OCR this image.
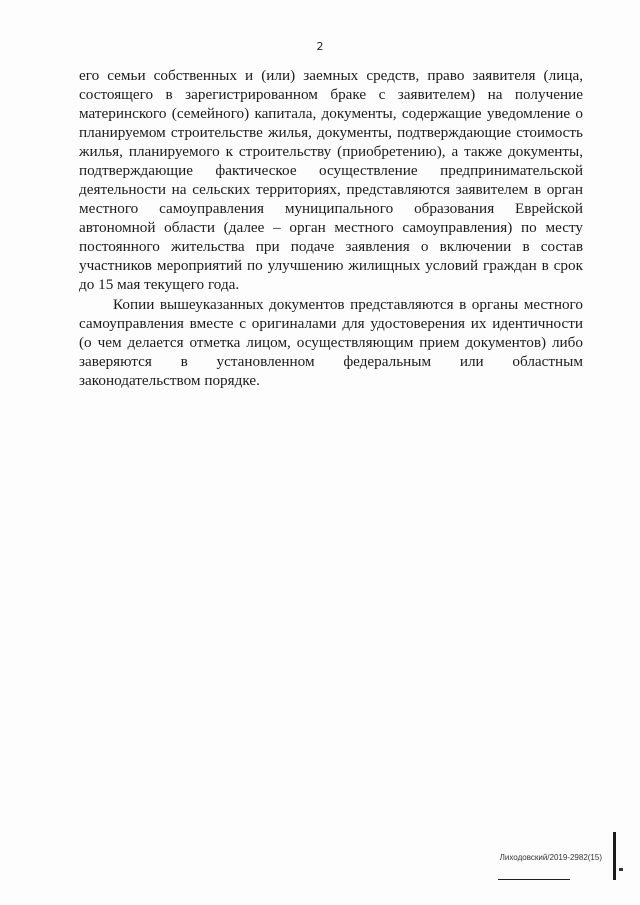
2

его семьи собственных и (или) заемных средств, право заявителя (лица, состоящего в зарегистрированном браке с заявителем) на получение материнского (семейного) капитала, документы, содержащие уведомление о планируемом строительстве жилья, документы, подтверждающие стоимость жилья, планируемого к строительству (приобретению), а также документы, подтверждающие фактическое осуществление предпринимательской деятельности на сельских территориях, представляются заявителем в орган местного самоуправления муниципального образования Еврейской автономной области (далее – орган местного самоуправления) по месту постоянного жительства при подаче заявления о включении в состав участников мероприятий по улучшению жилищных условий граждан в срок до 15 мая текущего года.

Копии вышеуказанных документов представляются в органы местного самоуправления вместе с оригиналами для удостоверения их идентичности (о чем делается отметка лицом, осуществляющим прием документов) либо заверяются в установленном федеральным или областным законодательством порядке.

Лиходовский/2019-2982(15)
